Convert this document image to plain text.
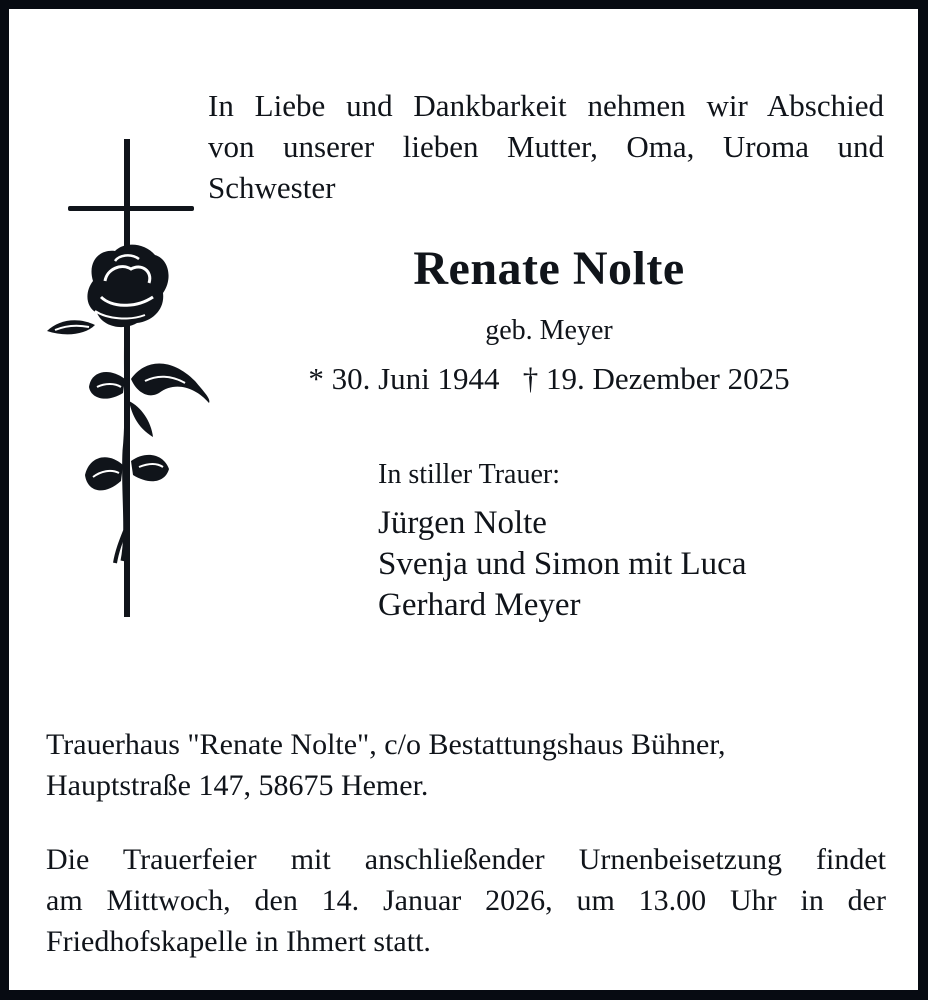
In Liebe und Dankbarkeit nehmen wir Abschied
von unserer lieben Mutter, Oma, Uroma und
Schwester
Renate Nolte
geb. Meyer
* 30. Juni 1944   † 19. Dezember 2025
In stiller Trauer:
Jürgen Nolte
Svenja und Simon mit Luca
Gerhard Meyer
Trauerhaus "Renate Nolte", c/o Bestattungshaus Bühner,
Hauptstraße 147, 58675 Hemer.
Die Trauerfeier mit anschließender Urnenbeisetzung findet
am Mittwoch, den 14. Januar 2026, um 13.00 Uhr in der
Friedhofskapelle in Ihmert statt.
